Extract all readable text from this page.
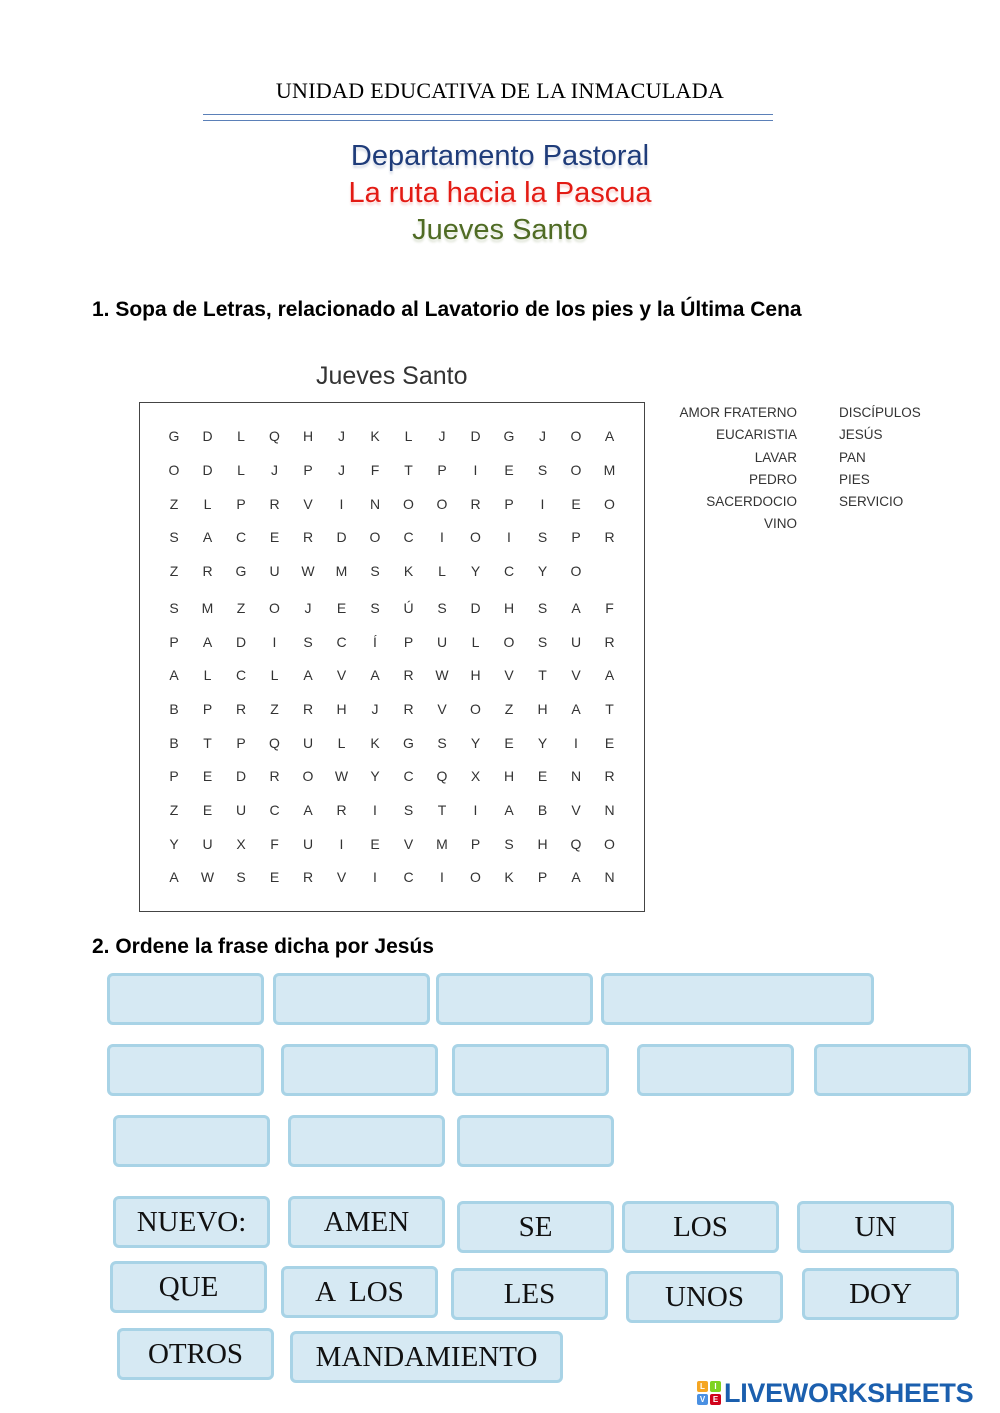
UNIDAD EDUCATIVA DE LA INMACULADA
Departamento Pastoral
La ruta hacia la Pascua
Jueves Santo
1. Sopa de Letras, relacionado al Lavatorio de los pies y la Última Cena
Jueves Santo
G	D	L	Q	H	J	K	L	J	D	G	J	O	A
O	D	L	J	P	J	F	T	P	I	E	S	O	M
Z	L	P	R	V	I	N	O	O	R	P	I	E	O
S	A	C	E	R	D	O	C	I	O	I	S	P	R
Z	R	G	U	W	M	S	K	L	Y	C	Y	O
S	M	Z	O	J	E	S	Ú	S	D	H	S	A	F
P	A	D	I	S	C	Í	P	U	L	O	S	U	R
A	L	C	L	A	V	A	R	W	H	V	T	V	A
B	P	R	Z	R	H	J	R	V	O	Z	H	A	T
B	T	P	Q	U	L	K	G	S	Y	E	Y	I	E
P	E	D	R	O	W	Y	C	Q	X	H	E	N	R
Z	E	U	C	A	R	I	S	T	I	A	B	V	N
Y	U	X	F	U	I	E	V	M	P	S	H	Q	O
A	W	S	E	R	V	I	C	I	O	K	P	A	N
AMOR FRATERNO
EUCARISTIA
LAVAR
PEDRO
SACERDOCIO
VINO
DISCÍPULOS
JESÚS
PAN
PIES
SERVICIO
2. Ordene la frase dicha por Jesús
NUEVO:	AMEN	SE	LOS	UN
QUE	A  LOS	LES	UNOS	DOY
OTROS	MANDAMIENTO
L	I
V E LIVEWORKSHEETS
